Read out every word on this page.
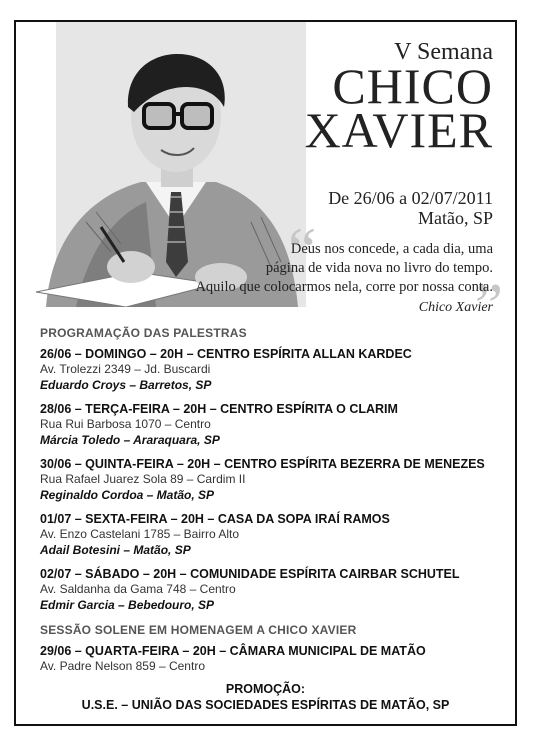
V Semana
CHICO
XAVIER
De 26/06 a 02/07/2011
Matão, SP
“
”
Deus nos concede, a cada dia, uma
página de vida nova no livro do tempo.
Aquilo que colocarmos nela, corre por nossa conta.
Chico Xavier
PROGRAMAÇÃO DAS PALESTRAS
26/06 – DOMINGO – 20H – CENTRO ESPÍRITA ALLAN KARDEC
Av. Trolezzi 2349 – Jd. Buscardi
Eduardo Croys – Barretos, SP
28/06 – TERÇA-FEIRA – 20H – CENTRO ESPÍRITA O CLARIM
Rua Rui Barbosa 1070 – Centro
Márcia Toledo – Araraquara, SP
30/06 – QUINTA-FEIRA – 20H – CENTRO ESPÍRITA BEZERRA DE MENEZES
Rua Rafael Juarez Sola 89 – Cardim II
Reginaldo Cordoa – Matão, SP
01/07 – SEXTA-FEIRA – 20H – CASA DA SOPA IRAÍ RAMOS
Av. Enzo Castelani 1785 – Bairro Alto
Adail Botesini – Matão, SP
02/07 – SÁBADO – 20H – COMUNIDADE ESPÍRITA CAIRBAR SCHUTEL
Av. Saldanha da Gama 748 – Centro
Edmir Garcia – Bebedouro, SP
SESSÃO SOLENE EM HOMENAGEM A CHICO XAVIER
29/06 – QUARTA-FEIRA – 20H – CÂMARA MUNICIPAL DE MATÃO
Av. Padre Nelson 859 – Centro
PROMOÇÃO:
U.S.E. – UNIÃO DAS SOCIEDADES ESPÍRITAS DE MATÃO, SP
